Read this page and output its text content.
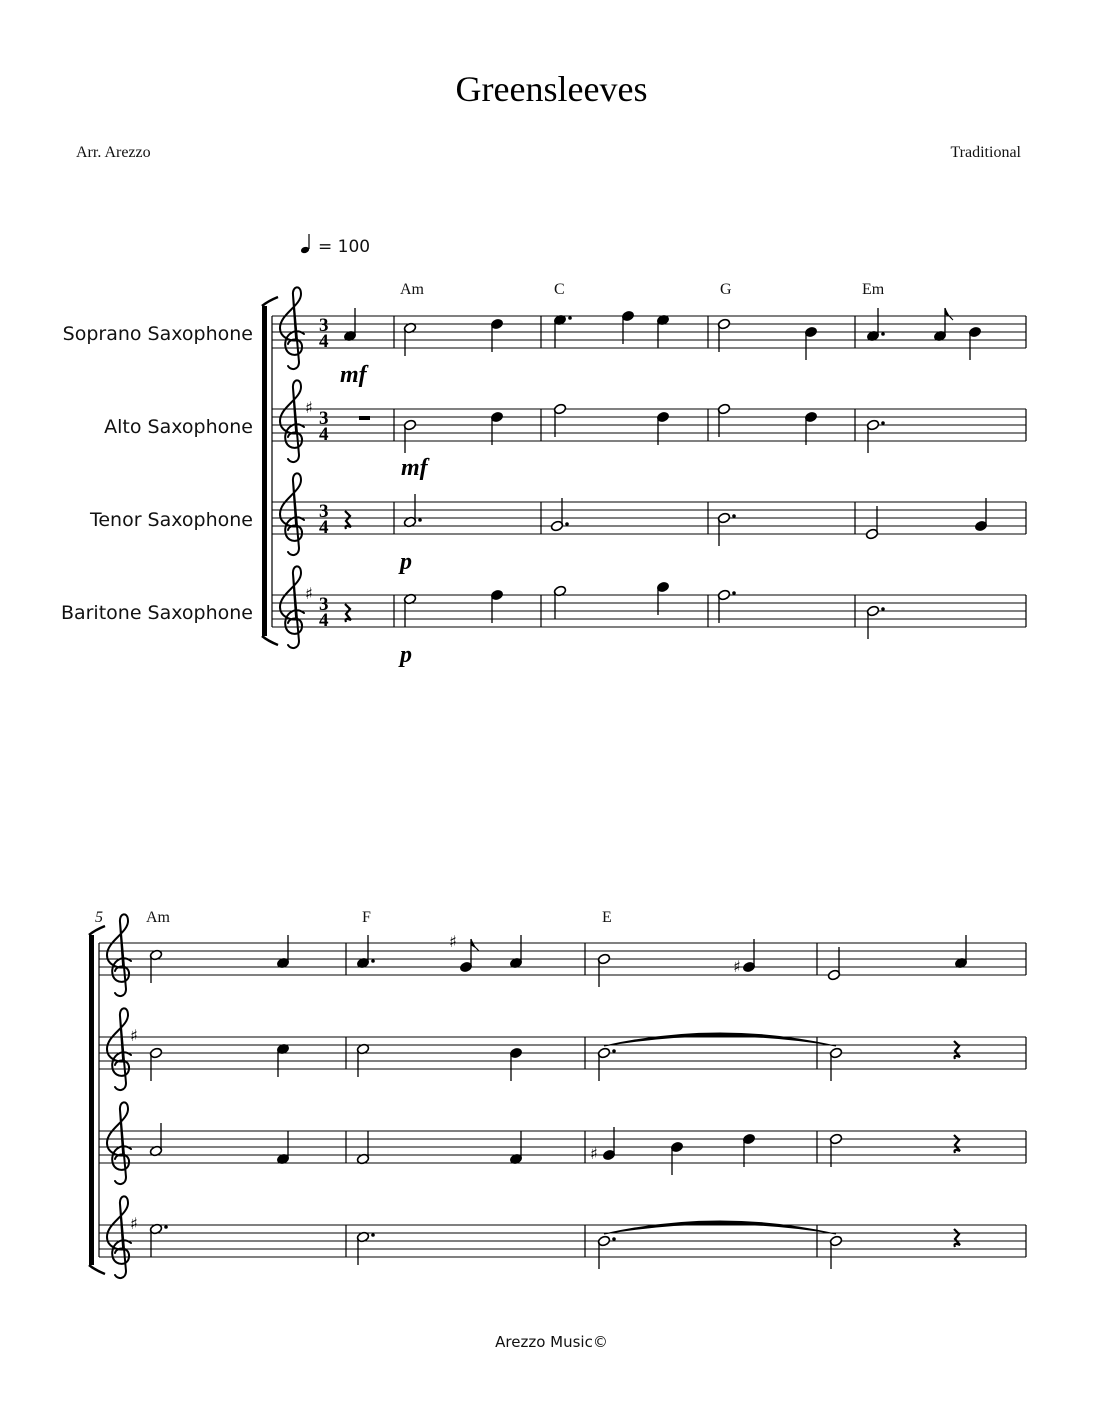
Greensleeves
Arr. Arezzo	Traditional
Arezzo Music©
= 100
Am	C	G	Em
Soprano Saxophone
Alto Saxophone
Tenor Saxophone
Baritone Saxophone
♯
♯
3
4
3
4
3
4
3
4
mf
mf
p
p
5	Am	F	E
♯
♯
♯
♯
♯
